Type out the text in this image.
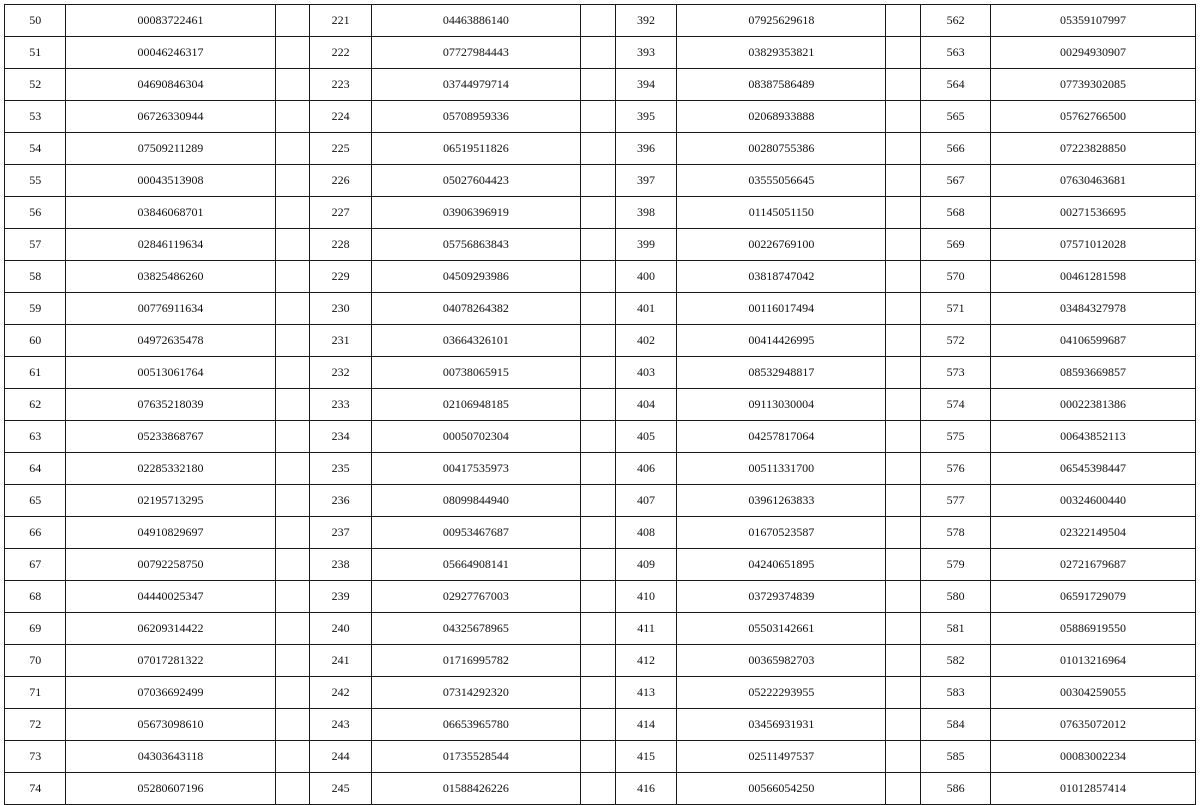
50	00083722461		221	04463886140		392	07925629618		562	05359107997
51	00046246317		222	07727984443		393	03829353821		563	00294930907
52	04690846304		223	03744979714		394	08387586489		564	07739302085
53	06726330944		224	05708959336		395	02068933888		565	05762766500
54	07509211289		225	06519511826		396	00280755386		566	07223828850
55	00043513908		226	05027604423		397	03555056645		567	07630463681
56	03846068701		227	03906396919		398	01145051150		568	00271536695
57	02846119634		228	05756863843		399	00226769100		569	07571012028
58	03825486260		229	04509293986		400	03818747042		570	00461281598
59	00776911634		230	04078264382		401	00116017494		571	03484327978
60	04972635478		231	03664326101		402	00414426995		572	04106599687
61	00513061764		232	00738065915		403	08532948817		573	08593669857
62	07635218039		233	02106948185		404	09113030004		574	00022381386
63	05233868767		234	00050702304		405	04257817064		575	00643852113
64	02285332180		235	00417535973		406	00511331700		576	06545398447
65	02195713295		236	08099844940		407	03961263833		577	00324600440
66	04910829697		237	00953467687		408	01670523587		578	02322149504
67	00792258750		238	05664908141		409	04240651895		579	02721679687
68	04440025347		239	02927767003		410	03729374839		580	06591729079
69	06209314422		240	04325678965		411	05503142661		581	05886919550
70	07017281322		241	01716995782		412	00365982703		582	01013216964
71	07036692499		242	07314292320		413	05222293955		583	00304259055
72	05673098610		243	06653965780		414	03456931931		584	07635072012
73	04303643118		244	01735528544		415	02511497537		585	00083002234
74	05280607196		245	01588426226		416	00566054250		586	01012857414
